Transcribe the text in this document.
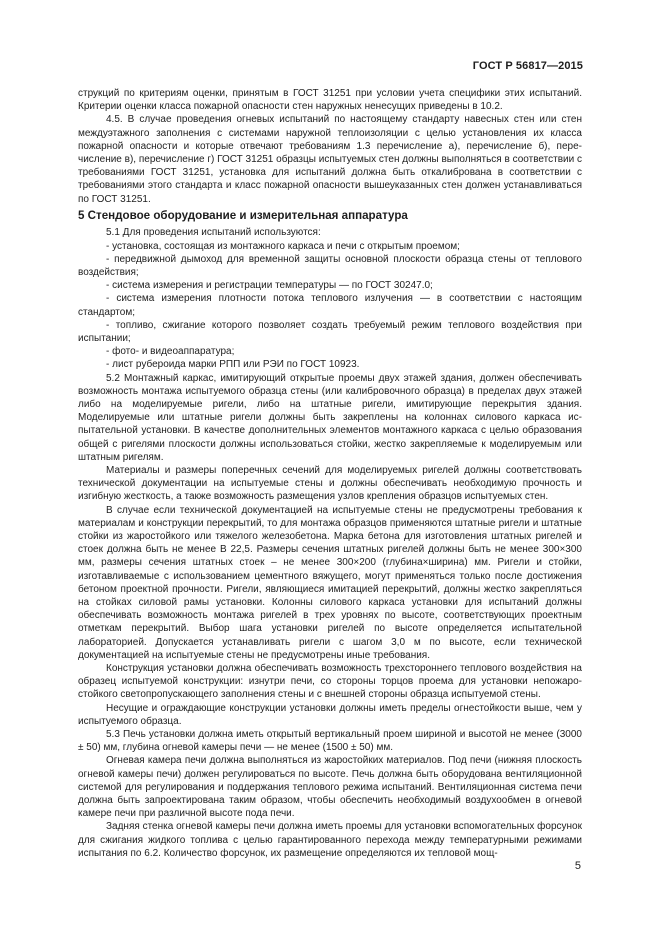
ГОСТ Р 56817—2015

струкций по критериям оценки, принятым в ГОСТ 31251 при условии учета специфики этих испытаний. Критерии оценки класса пожарной опасности стен наружных ненесущих приведены в 10.2.

4.5. В случае проведения огневых испытаний по настоящему стандарту навесных стен или стен междуэтажного заполнения с системами наружной теплоизоляции с целью установления их класса пожарной опасности и которые отвечают требованиям 1.3 перечисление а), перечисление б), перечисление в), перечисление г) ГОСТ 31251 образцы испытуемых стен должны выполняться в соответствии с требованиями ГОСТ 31251, установка для испытаний должна быть откалибрована в соответствии с требованиями этого стандарта и класс пожарной опасности вышеуказанных стен должен устанавливаться по ГОСТ 31251.

5 Стендовое оборудование и измерительная аппаратура

5.1 Для проведения испытаний используются:

- установка, состоящая из монтажного каркаса и печи с открытым проемом;

- передвижной дымоход для временной защиты основной плоскости образца стены от теплового воздействия;

- система измерения и регистрации температуры — по ГОСТ 30247.0;

- система измерения плотности потока теплового излучения — в соответствии с настоящим стандартом;

- топливо, сжигание которого позволяет создать требуемый режим теплового воздействия при испытании;

- фото- и видеоаппаратура;

- лист рубероида марки РПП или РЭИ по ГОСТ 10923.

5.2 Монтажный каркас, имитирующий открытые проемы двух этажей здания, должен обеспечивать возможность монтажа испытуемого образца стены (или калибровочного образца) в пределах двух этажей либо на моделируемые ригели, либо на штатные ригели, имитирующие перекрытия здания. Моделируемые или штатные ригели должны быть закреплены на колоннах силового каркаса испытательной установки. В качестве дополнительных элементов монтажного каркаса с целью образования общей с ригелями плоскости должны использоваться стойки, жестко закрепляемые к моделируемым или штатным ригелям.

Материалы и размеры поперечных сечений для моделируемых ригелей должны соответствовать технической документации на испытуемые стены и должны обеспечивать необходимую прочность и изгибную жесткость, а также возможность размещения узлов крепления образцов испытуемых стен.

В случае если технической документацией на испытуемые стены не предусмотрены требования к материалам и конструкции перекрытий, то для монтажа образцов применяются штатные ригели и штатные стойки из жаростойкого или тяжелого железобетона. Марка бетона для изготовления штатных ригелей и стоек должна быть не менее В 22,5. Размеры сечения штатных ригелей должны быть не менее 300×300 мм, размеры сечения штатных стоек – не менее 300×200 (глубина×ширина) мм. Ригели и стойки, изготавливаемые с использованием цементного вяжущего, могут применяться только после достижения бетоном проектной прочности. Ригели, являющиеся имитацией перекрытий, должны жестко закрепляться на стойках силовой рамы установки. Колонны силового каркаса установки для испытаний должны обеспечивать возможность монтажа ригелей в трех уровнях по высоте, соответствующих проектным отметкам перекрытий. Выбор шага установки ригелей по высоте определяется испытательной лабораторией. Допускается устанавливать ригели с шагом 3,0 м по высоте, если технической документацией на испытуемые стены не предусмотрены иные требования.

Конструкция установки должна обеспечивать возможность трехстороннего теплового воздействия на образец испытуемой конструкции: изнутри печи, со стороны торцов проема для установки непожаростойкого светопропускающего заполнения стены и с внешней стороны образца испытуемой стены.

Несущие и ограждающие конструкции установки должны иметь пределы огнестойкости выше, чем у испытуемого образца.

5.3 Печь установки должна иметь открытый вертикальный проем шириной и высотой не менее (3000 ± 50) мм, глубина огневой камеры печи — не менее (1500 ± 50) мм.

Огневая камера печи должна выполняться из жаростойких материалов. Под печи (нижняя плоскость огневой камеры печи) должен регулироваться по высоте. Печь должна быть оборудована вентиляционной системой для регулирования и поддержания теплового режима испытаний. Вентиляционная система печи должна быть запроектирована таким образом, чтобы обеспечить необходимый воздухообмен в огневой камере печи при различной высоте пода печи.

Задняя стенка огневой камеры печи должна иметь проемы для установки вспомогательных форсунок для сжигания жидкого топлива с целью гарантированного перехода между температурными режимами испытания по 6.2. Количество форсунок, их размещение определяются их тепловой мощ-

5
